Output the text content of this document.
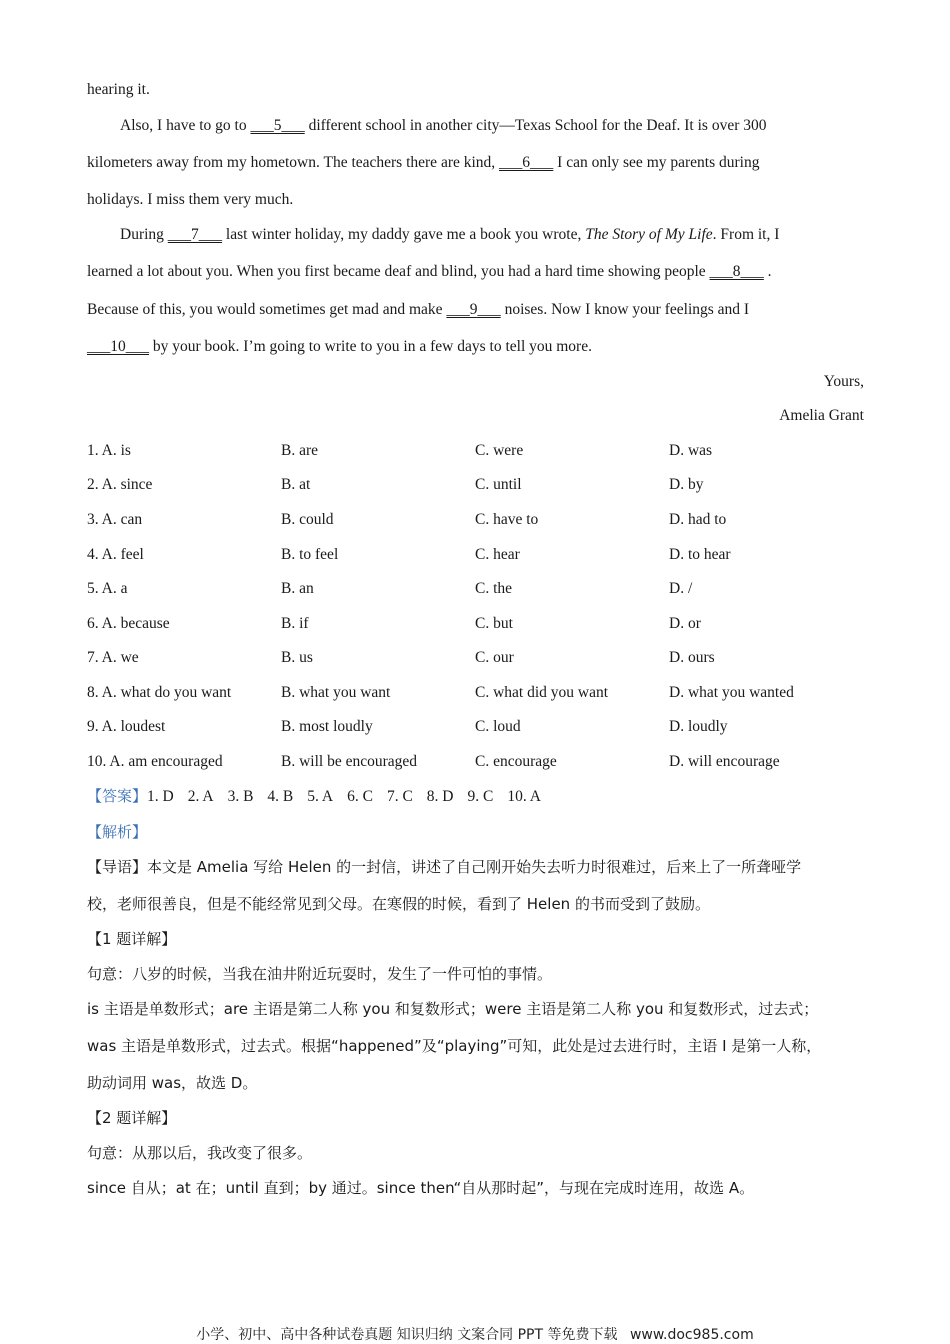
hearing it.
Also, I have to go to ___5___ different school in another city—Texas School for the Deaf. It is over 300
kilometers away from my hometown. The teachers there are kind, ___6___ I can only see my parents during
holidays. I miss them very much.
During ___7___ last winter holiday, my daddy gave me a book you wrote, The Story of My Life. From it, I
learned a lot about you. When you first became deaf and blind, you had a hard time showing people ___8___ .
Because of this, you would sometimes get mad and make ___9___ noises. Now I know your feelings and I
___10___ by your book. I’m going to write to you in a few days to tell you more.
Yours,
Amelia Grant
1. A. is	B. are	C. were	D. was
2. A. since	B. at	C. until	D. by
3. A. can	B. could	C. have to	D. had to
4. A. feel	B. to feel	C. hear	D. to hear
5. A. a	B. an	C. the	D. /
6. A. because	B. if	C. but	D. or
7. A. we	B. us	C. our	D. ours
8. A. what do you want	B. what you want	C. what did you want	D. what you wanted
9. A. loudest	B. most loudly	C. loud	D. loudly
10. A. am encouraged	B. will be encouraged	C. encourage	D. will encourage
【答案】1. D 2. A 3. B 4. B 5. A 6. C 7. C 8. D 9. C 10. A
【解析】
【导语】本文是 Amelia 写给 Helen 的一封信，讲述了自己刚开始失去听力时很难过，后来上了一所聋哑学
校，老师很善良，但是不能经常见到父母。在寒假的时候，看到了 Helen 的书而受到了鼓励。
【1 题详解】
句意：八岁的时候，当我在油井附近玩耍时，发生了一件可怕的事情。
is 主语是单数形式；are 主语是第二人称 you 和复数形式；were 主语是第二人称 you 和复数形式，过去式；
was 主语是单数形式，过去式。根据“happened”及“playing”可知，此处是过去进行时，主语 I 是第一人称，
助动词用 was，故选 D。
【2 题详解】
句意：从那以后，我改变了很多。
since 自从；at 在；until 直到；by 通过。since then“自从那时起”，与现在完成时连用，故选 A。
小学、初中、高中各种试卷真题 知识归纳 文案合同 PPT 等免费下载 www.doc985.com
